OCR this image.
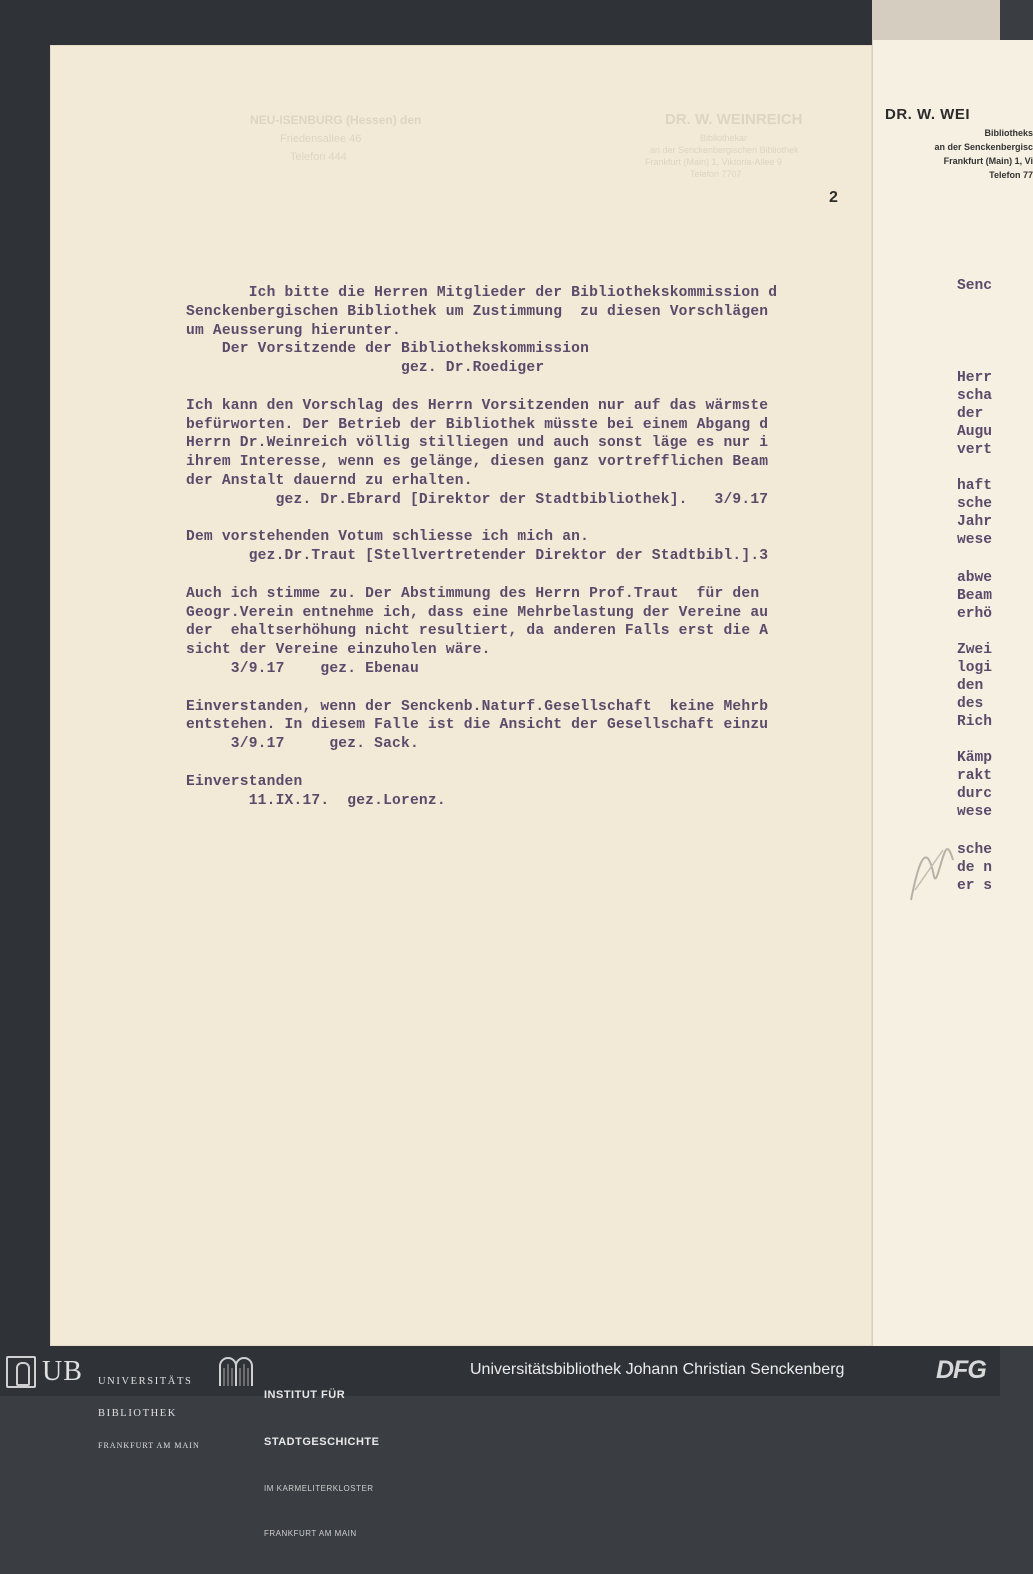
NEU-ISENBURG (Hessen) den
Friedensallee 46
Telefon 444
DR. W. WEINREICH
Bibliothekar
an der Senckenbergischen Bibliothek
Frankfurt (Main) 1, Viktoria-Allee 9
Telefon 7707
2
Ich bitte die Herren Mitglieder der Bibliothekskommission d
Senckenbergischen Bibliothek um Zustimmung  zu diesen Vorschlägen
um Aeusserung hierunter.
Der Vorsitzende der Bibliothekskommission
gez. Dr.Roediger
Ich kann den Vorschlag des Herrn Vorsitzenden nur auf das wärmste
befürworten. Der Betrieb der Bibliothek müsste bei einem Abgang d
Herrn Dr.Weinreich völlig stilliegen und auch sonst läge es nur i
ihrem Interesse, wenn es gelänge, diesen ganz vortrefflichen Beam
der Anstalt dauernd zu erhalten.
gez. Dr.Ebrard [Direktor der Stadtbibliothek].   3/9.17
Dem vorstehenden Votum schliesse ich mich an.
gez.Dr.Traut [Stellvertretender Direktor der Stadtbibl.].3
Auch ich stimme zu. Der Abstimmung des Herrn Prof.Traut  für den
Geogr.Verein entnehme ich, dass eine Mehrbelastung der Vereine au
der  ehaltserhöhung nicht resultiert, da anderen Falls erst die A
sicht der Vereine einzuholen wäre.
3/9.17    gez. Ebenau
Einverstanden, wenn der Senckenb.Naturf.Gesellschaft  keine Mehrb
entstehen. In diesem Falle ist die Ansicht der Gesellschaft einzu
3/9.17     gez. Sack.
Einverstanden
11.IX.17.  gez.Lorenz.
DR. W. WEI
Bibliotheks
an der Senckenbergisc
Frankfurt (Main) 1, Vi
Telefon 77
Senc
Herr
scha
der
Augu
vert
haft
sche
Jahr
wese
abwe
Beam
erhö
Zwei
logi
den
des
Rich
Kämp
rakt
durc
wese
sche
de n
er s
UB

UNIVERSITÄTS

BIBLIOTHEK

FRANKFURT AM MAIN

INSTITUT FÜR

STADTGESCHICHTE

IM KARMELITERKLOSTER

FRANKFURT AM MAIN

Universitätsbibliothek Johann Christian Senckenberg	DFG
